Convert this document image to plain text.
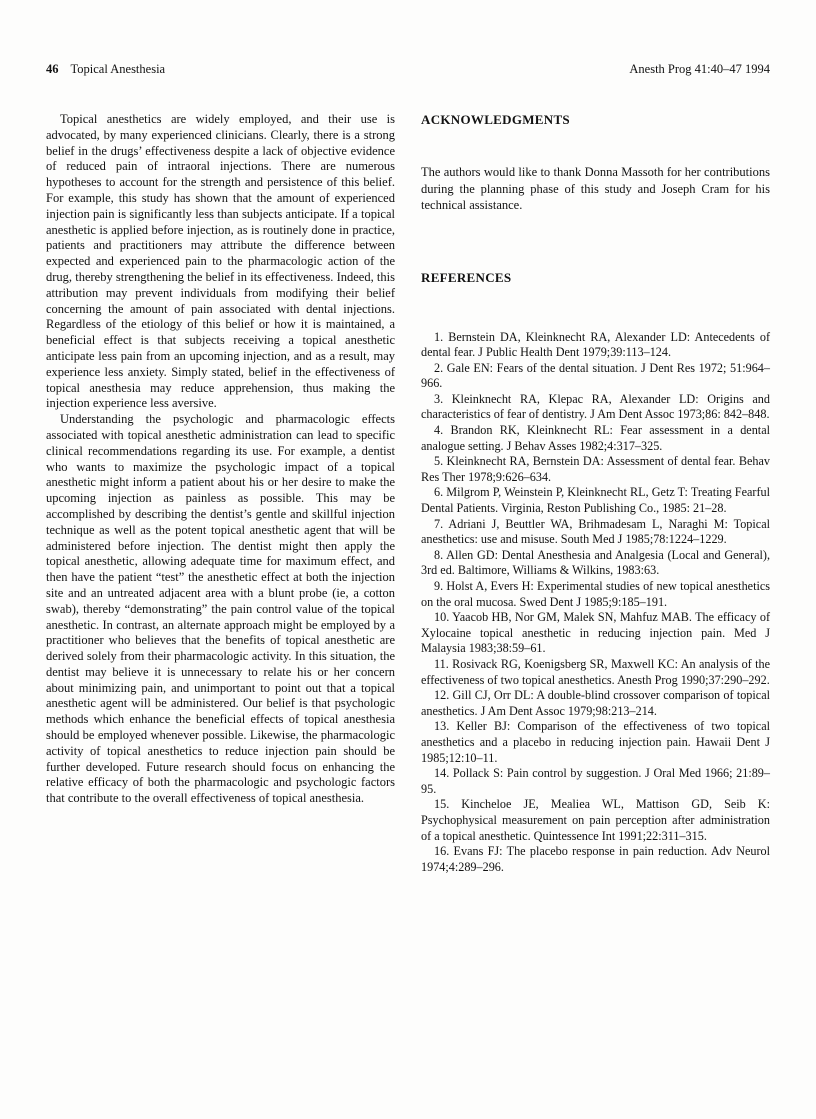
46 Topical Anesthesia	Anesth Prog 41:40–47 1994

Topical anesthetics are widely employed, and their use is advocated, by many experienced clinicians. Clearly, there is a strong belief in the drugs’ effectiveness despite a lack of objective evidence of reduced pain of intraoral injections. There are numerous hypotheses to account for the strength and persistence of this belief. For example, this study has shown that the amount of experienced injection pain is significantly less than subjects anticipate. If a topical anesthetic is applied before injection, as is routinely done in practice, patients and practitioners may attribute the difference between expected and experienced pain to the pharmacologic action of the drug, thereby strengthening the belief in its effectiveness. Indeed, this attribution may prevent individuals from modifying their belief concerning the amount of pain associated with dental injections. Regardless of the etiology of this belief or how it is maintained, a beneficial effect is that subjects receiving a topical anesthetic anticipate less pain from an upcoming injection, and as a result, may experience less anxiety. Simply stated, belief in the effectiveness of topical anesthesia may reduce apprehension, thus making the injection experience less aversive.

Understanding the psychologic and pharmacologic effects associated with topical anesthetic administration can lead to specific clinical recommendations regarding its use. For example, a dentist who wants to maximize the psychologic impact of a topical anesthetic might inform a patient about his or her desire to make the upcoming injection as painless as possible. This may be accomplished by describing the dentist’s gentle and skillful injection technique as well as the potent topical anesthetic agent that will be administered before injection. The dentist might then apply the topical anesthetic, allowing adequate time for maximum effect, and then have the patient “test” the anesthetic effect at both the injection site and an untreated adjacent area with a blunt probe (ie, a cotton swab), thereby “demonstrating” the pain control value of the topical anesthetic. In contrast, an alternate approach might be employed by a practitioner who believes that the benefits of topical anesthetic are derived solely from their pharmacologic activity. In this situation, the dentist may believe it is unnecessary to relate his or her concern about minimizing pain, and unimportant to point out that a topical anesthetic agent will be administered. Our belief is that psychologic methods which enhance the beneficial effects of topical anesthesia should be employed whenever possible. Likewise, the pharmacologic activity of topical anesthetics to reduce injection pain should be further developed. Future research should focus on enhancing the relative efficacy of both the pharmacologic and psychologic factors that contribute to the overall effectiveness of topical anesthesia.

ACKNOWLEDGMENTS

The authors would like to thank Donna Massoth for her contributions during the planning phase of this study and Joseph Cram for his technical assistance.

REFERENCES

1. Bernstein DA, Kleinknecht RA, Alexander LD: Antecedents of dental fear. J Public Health Dent 1979;39:113–124.

2. Gale EN: Fears of the dental situation. J Dent Res 1972; 51:964–966.

3. Kleinknecht RA, Klepac RA, Alexander LD: Origins and characteristics of fear of dentistry. J Am Dent Assoc 1973;86: 842–848.

4. Brandon RK, Kleinknecht RL: Fear assessment in a dental analogue setting. J Behav Asses 1982;4:317–325.

5. Kleinknecht RA, Bernstein DA: Assessment of dental fear. Behav Res Ther 1978;9:626–634.

6. Milgrom P, Weinstein P, Kleinknecht RL, Getz T: Treating Fearful Dental Patients. Virginia, Reston Publishing Co., 1985: 21–28.

7. Adriani J, Beuttler WA, Brihmadesam L, Naraghi M: Topical anesthetics: use and misuse. South Med J 1985;78:1224–1229.

8. Allen GD: Dental Anesthesia and Analgesia (Local and General), 3rd ed. Baltimore, Williams & Wilkins, 1983:63.

9. Holst A, Evers H: Experimental studies of new topical anesthetics on the oral mucosa. Swed Dent J 1985;9:185–191.

10. Yaacob HB, Nor GM, Malek SN, Mahfuz MAB. The efficacy of Xylocaine topical anesthetic in reducing injection pain. Med J Malaysia 1983;38:59–61.

11. Rosivack RG, Koenigsberg SR, Maxwell KC: An analysis of the effectiveness of two topical anesthetics. Anesth Prog 1990;37:290–292.

12. Gill CJ, Orr DL: A double-blind crossover comparison of topical anesthetics. J Am Dent Assoc 1979;98:213–214.

13. Keller BJ: Comparison of the effectiveness of two topical anesthetics and a placebo in reducing injection pain. Hawaii Dent J 1985;12:10–11.

14. Pollack S: Pain control by suggestion. J Oral Med 1966; 21:89–95.

15. Kincheloe JE, Mealiea WL, Mattison GD, Seib K: Psychophysical measurement on pain perception after administration of a topical anesthetic. Quintessence Int 1991;22:311–315.

16. Evans FJ: The placebo response in pain reduction. Adv Neurol 1974;4:289–296.
